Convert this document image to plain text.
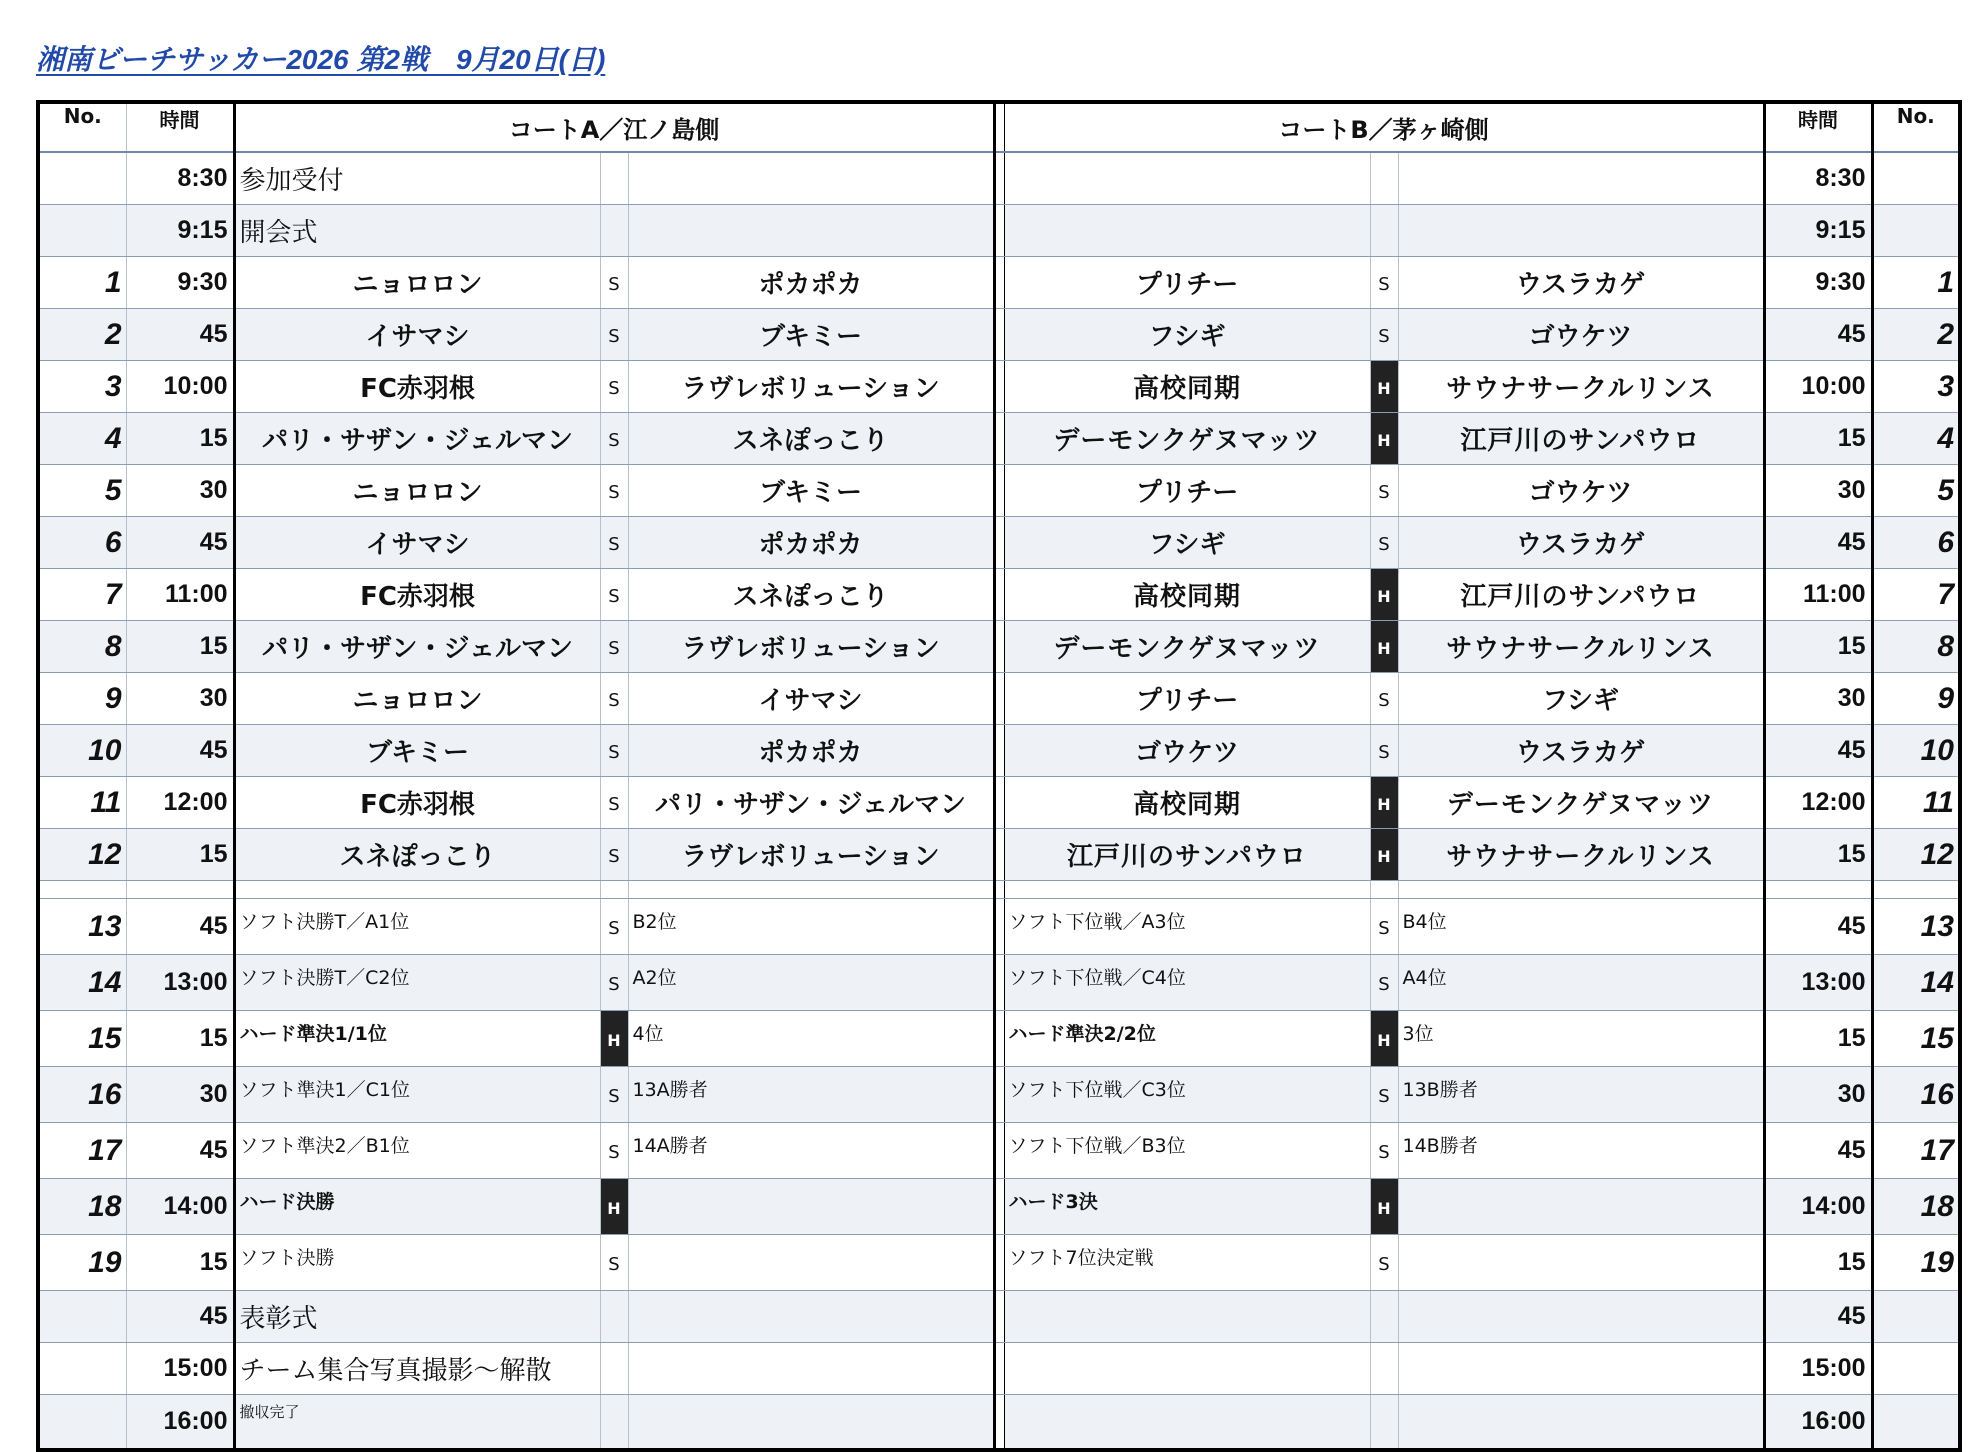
湘南ビーチサッカー2026 第2戦　9月20日(日)
No.	時間	コートA／江ノ島側				コートB／茅ヶ崎側			時間	No.
	8:30	参加受付							8:30	
	9:15	開会式							9:15	
1	9:30	ニョロロン	S	ポカポカ		プリチー	S	ウスラカゲ	9:30	1
2	45	イサマシ	S	ブキミー		フシギ	S	ゴウケツ	45	2
3	10:00	FC赤羽根	S	ラヴレボリューション		高校同期	H	サウナサークルリンス	10:00	3
4	15	パリ・サザン・ジェルマン	S	スネぽっこり		デーモンクゲヌマッツ	H	江戸川のサンパウロ	15	4
5	30	ニョロロン	S	ブキミー		プリチー	S	ゴウケツ	30	5
6	45	イサマシ	S	ポカポカ		フシギ	S	ウスラカゲ	45	6
7	11:00	FC赤羽根	S	スネぽっこり		高校同期	H	江戸川のサンパウロ	11:00	7
8	15	パリ・サザン・ジェルマン	S	ラヴレボリューション		デーモンクゲヌマッツ	H	サウナサークルリンス	15	8
9	30	ニョロロン	S	イサマシ		プリチー	S	フシギ	30	9
10	45	ブキミー	S	ポカポカ		ゴウケツ	S	ウスラカゲ	45	10
11	12:00	FC赤羽根	S	パリ・サザン・ジェルマン		高校同期	H	デーモンクゲヌマッツ	12:00	11
12	15	スネぽっこり	S	ラヴレボリューション		江戸川のサンパウロ	H	サウナサークルリンス	15	12

13	45	ソフト決勝T／A1位	S	B2位		ソフト下位戦／A3位	S	B4位	45	13
14	13:00	ソフト決勝T／C2位	S	A2位		ソフト下位戦／C4位	S	A4位	13:00	14
15	15	ハード準決1/1位	H	4位		ハード準決2/2位	H	3位	15	15
16	30	ソフト準決1／C1位	S	13A勝者		ソフト下位戦／C3位	S	13B勝者	30	16
17	45	ソフト準決2／B1位	S	14A勝者		ソフト下位戦／B3位	S	14B勝者	45	17
18	14:00	ハード決勝	H			ハード3決	H		14:00	18
19	15	ソフト決勝	S			ソフト7位決定戦	S		15	19
	45	表彰式							45	
	15:00	チーム集合写真撮影～解散							15:00	
	16:00	撤収完了							16:00	
